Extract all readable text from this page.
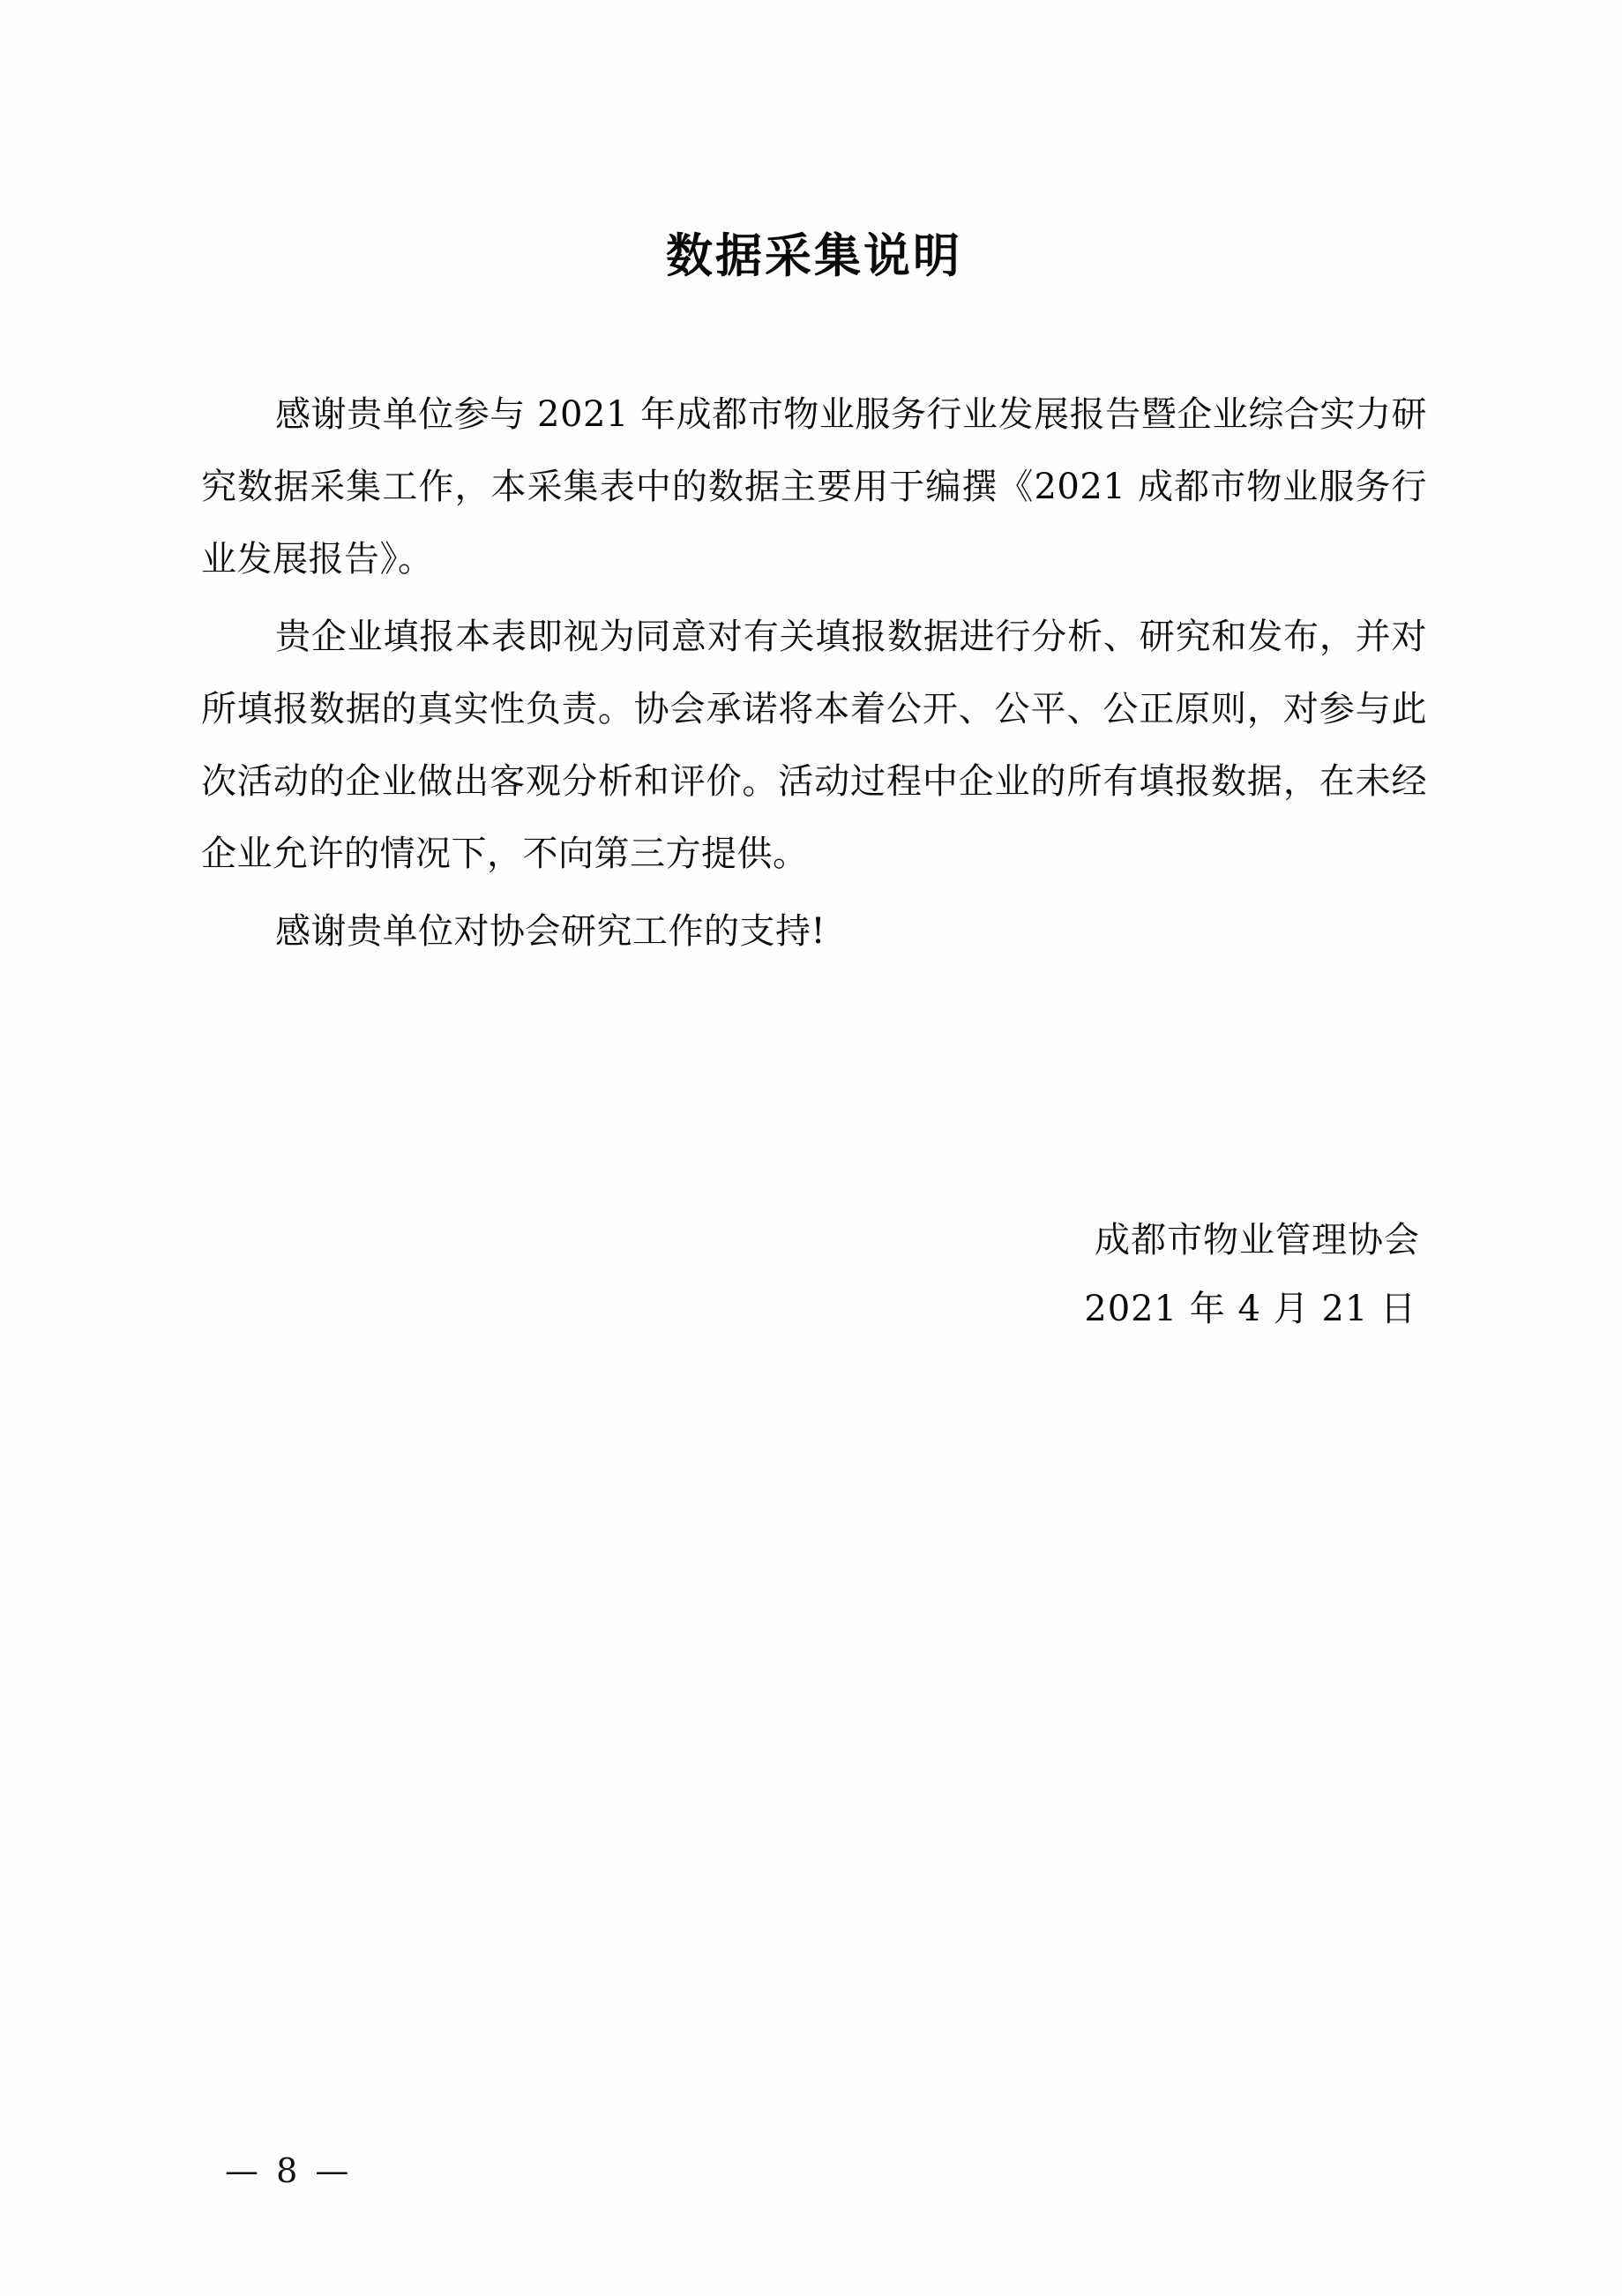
数据采集说明

感谢贵单位参与 2021 年成都市物业服务行业发展报告暨企业综合实力研究数据采集工作，本采集表中的数据主要用于编撰《2021 成都市物业服务行业发展报告》。

贵企业填报本表即视为同意对有关填报数据进行分析、研究和发布，并对所填报数据的真实性负责。协会承诺将本着公开、公平、公正原则，对参与此次活动的企业做出客观分析和评价。活动过程中企业的所有填报数据，在未经企业允许的情况下，不向第三方提供。

感谢贵单位对协会研究工作的支持!

成都市物业管理协会
2021 年 4 月 21 日
— 8 —
